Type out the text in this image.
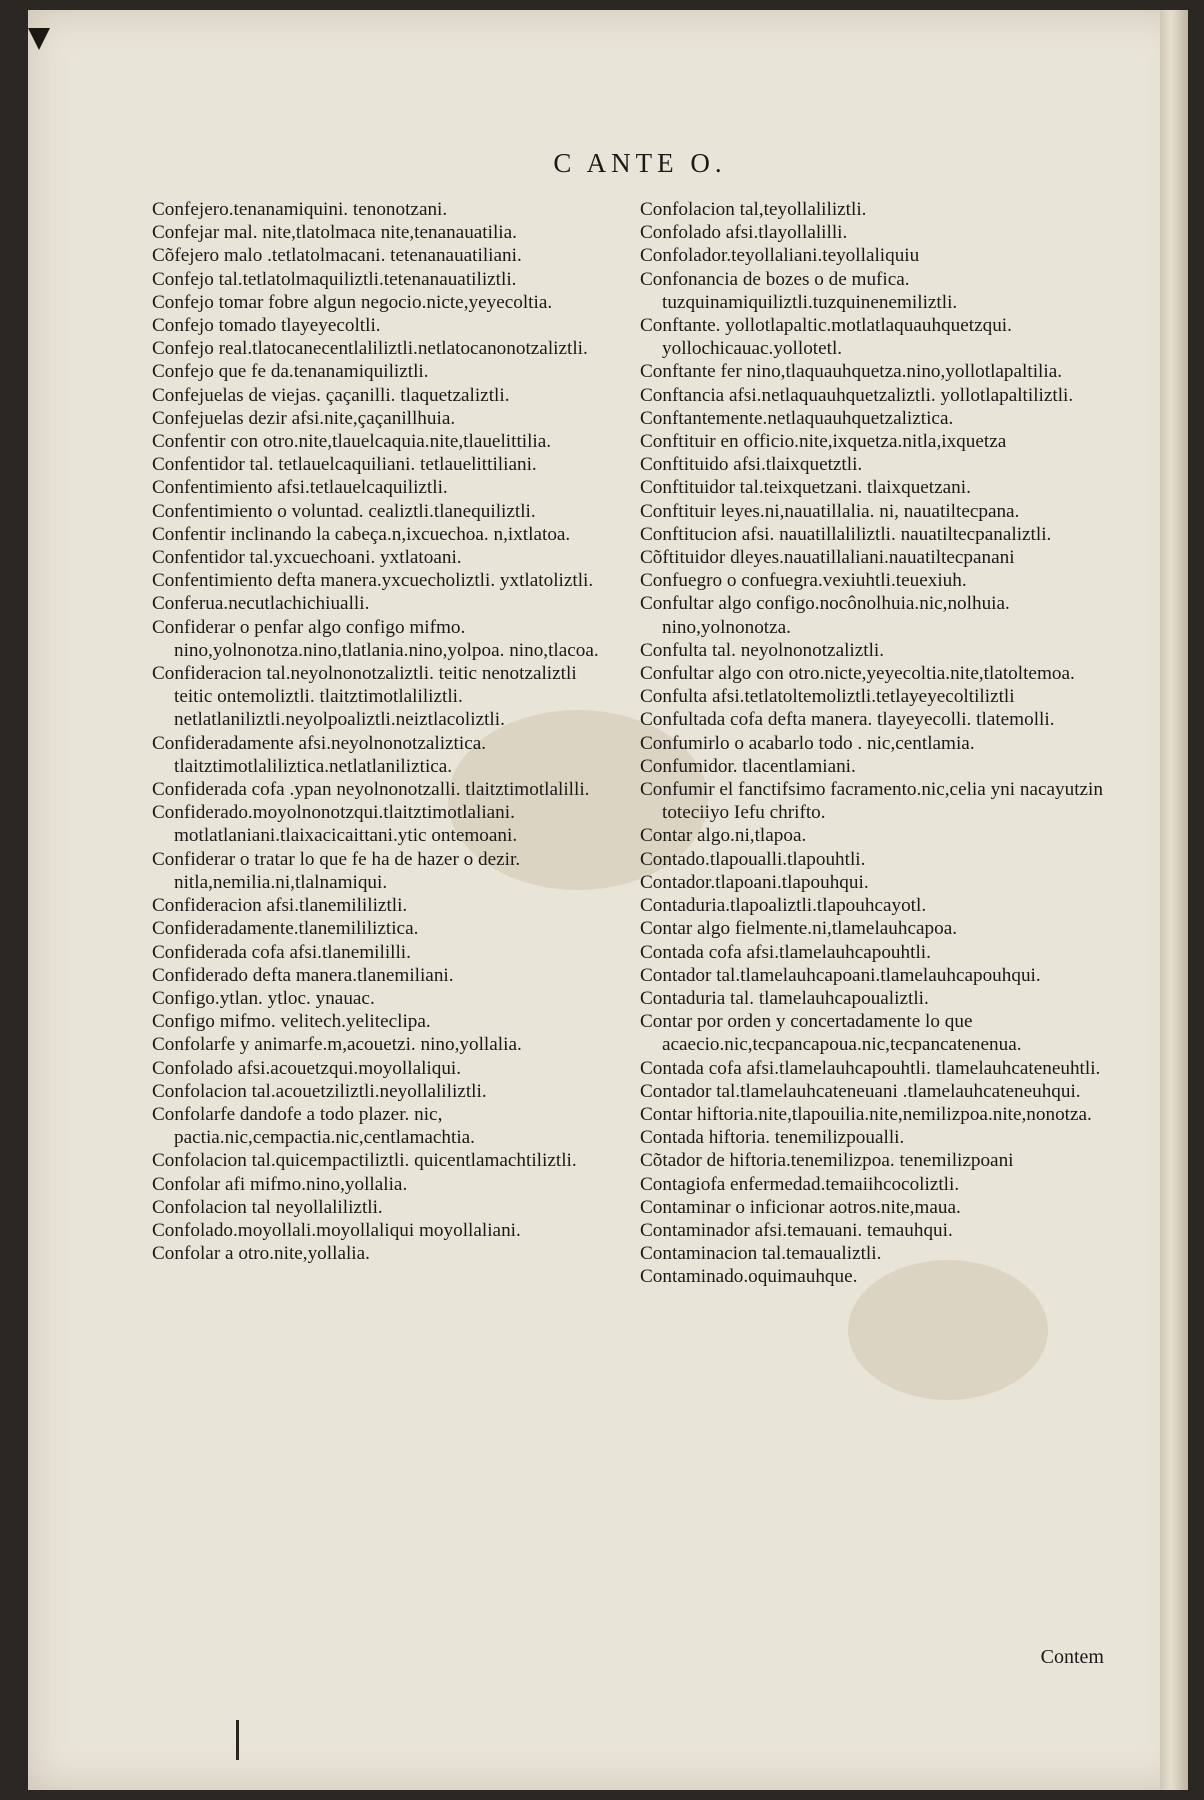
C ANTE O.

Confejero.tenanamiquini. tenonotzani.

Confejar mal. nite,tlatolmaca nite,tenanauatilia.

Cõfejero malo .tetlatolmacani. tetenanauatiliani.

Confejo tal.tetlatolmaquiliztli.tetenanauatiliztli.

Confejo tomar fobre algun negocio.nicte,yeyecoltia.

Confejo tomado tlayeyecoltli.

Confejo real.tlatocanecentlaliliztli.netlatocanonotzaliztli.

Confejo que fe da.tenanamiquiliztli.

Confejuelas de viejas. çaçanilli. tlaquetzaliztli.

Confejuelas dezir afsi.nite,çaçanillhuia.

Confentir con otro.nite,tlauelcaquia.nite,tlauelittilia.

Confentidor tal. tetlauelcaquiliani. tetlauelittiliani.

Confentimiento afsi.tetlauelcaquiliztli.

Confentimiento o voluntad. cealiztli.tlanequiliztli.

Confentir inclinando la cabeça.n,ixcuechoa. n,ixtlatoa.

Confentidor tal.yxcuechoani. yxtlatoani.

Confentimiento defta manera.yxcuecholiztli. yxtlatoliztli.

Conferua.necutlachichiualli.

Confiderar o penfar algo configo mifmo. nino,yolnonotza.nino,tlatlania.nino,yolpoa. nino,tlacoa.

Confideracion tal.neyolnonotzaliztli. teitic nenotzaliztli teitic ontemoliztli. tlaitztimotlaliliztli. netlatlaniliztli.neyolpoaliztli.neiztlacoliztli.

Confideradamente afsi.neyolnonotzaliztica. tlaitztimotlaliliztica.netlatlaniliztica.

Confiderada cofa .ypan neyolnonotzalli. tlaitztimotlalilli.

Confiderado.moyolnonotzqui.tlaitztimotlaliani. motlatlaniani.tlaixacicaittani.ytic ontemoani.

Confiderar o tratar lo que fe ha de hazer o dezir. nitla,nemilia.ni,tlalnamiqui.

Confideracion afsi.tlanemililiztli.

Confideradamente.tlanemililiztica.

Confiderada cofa afsi.tlanemililli.

Confiderado defta manera.tlanemiliani.

Configo.ytlan. ytloc. ynauac.

Configo mifmo. velitech.yeliteclipa.

Confolarfe y animarfe.m,acouetzi. nino,yollalia.

Confolado afsi.acouetzqui.moyollaliqui.

Confolacion tal.acouetziliztli.neyollaliliztli.

Confolarfe dandofe a todo plazer. nic, pactia.nic,cempactia.nic,centlamachtia.

Confolacion tal.quicempactiliztli. quicentlamachtiliztli.

Confolar afi mifmo.nino,yollalia.

Confolacion tal neyollaliliztli.

Confolado.moyollali.moyollaliqui moyollaliani.

Confolar a otro.nite,yollalia.

Confolacion tal,teyollaliliztli.

Confolado afsi.tlayollalilli.

Confolador.teyollaliani.teyollaliquiu

Confonancia de bozes o de mufica. tuzquinamiquiliztli.tuzquinenemiliztli.

Conftante. yollotlapaltic.motlatlaquauhquetzqui. yollochicauac.yollotetl.

Conftante fer nino,tlaquauhquetza.nino,yollotlapaltilia.

Conftancia afsi.netlaquauhquetzaliztli. yollotlapaltiliztli.

Conftantemente.netlaquauhquetzaliztica.

Conftituir en officio.nite,ixquetza.nitla,ixquetza

Conftituido afsi.tlaixquetztli.

Conftituidor tal.teixquetzani. tlaixquetzani.

Conftituir leyes.ni,nauatillalia. ni, nauatiltecpana.

Conftitucion afsi. nauatillaliliztli. nauatiltecpanaliztli.

Cõftituidor dleyes.nauatillaliani.nauatiltecpanani

Confuegro o confuegra.vexiuhtli.teuexiuh.

Confultar algo configo.nocônolhuia.nic,nolhuia. nino,yolnonotza.

Confulta tal. neyolnonotzaliztli.

Confultar algo con otro.nicte,yeyecoltia.nite,tlatoltemoa.

Confulta afsi.tetlatoltemoliztli.tetlayeyecoltiliztli

Confultada cofa defta manera. tlayeyecolli. tlatemolli.

Confumirlo o acabarlo todo . nic,centlamia.

Confumidor. tlacentlamiani.

Confumir el fanctifsimo facramento.nic,celia yni nacayutzin toteciiyo Iefu chrifto.

Contar algo.ni,tlapoa.

Contado.tlapoualli.tlapouhtli.

Contador.tlapoani.tlapouhqui.

Contaduria.tlapoaliztli.tlapouhcayotl.

Contar algo fielmente.ni,tlamelauhcapoa.

Contada cofa afsi.tlamelauhcapouhtli.

Contador tal.tlamelauhcapoani.tlamelauhcapouhqui.

Contaduria tal. tlamelauhcapoualiztli.

Contar por orden y concertadamente lo que acaecio.nic,tecpancapoua.nic,tecpancatenenua.

Contada cofa afsi.tlamelauhcapouhtli. tlamelauhcateneuhtli.

Contador tal.tlamelauhcateneuani .tlamelauhcateneuhqui.

Contar hiftoria.nite,tlapouilia.nite,nemilizpoa.nite,nonotza.

Contada hiftoria. tenemilizpoualli.

Cõtador de hiftoria.tenemilizpoa. tenemilizpoani

Contagiofa enfermedad.temaiihcocoliztli.

Contaminar o inficionar aotros.nite,maua.

Contaminador afsi.temauani. temauhqui.

Contaminacion tal.temaualiztli.

Contaminado.oquimauhque.

Contem
